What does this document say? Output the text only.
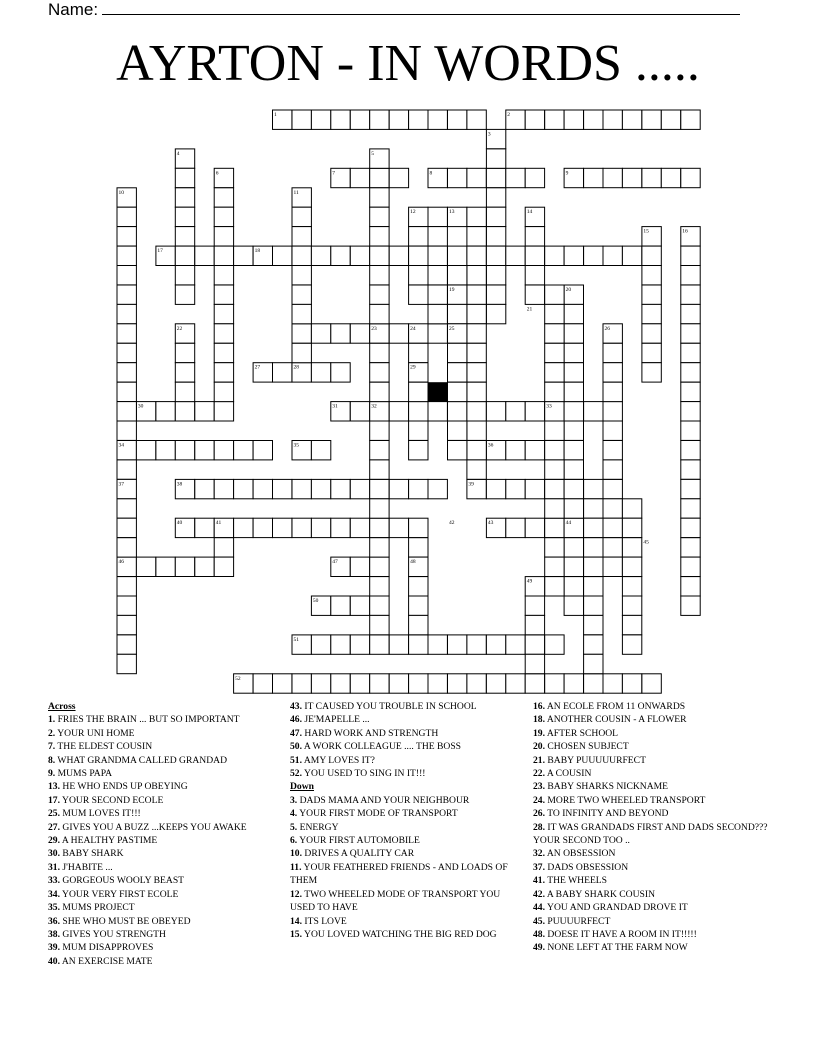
Name:
AYRTON - IN WORDS .....
1	2
3
4	5
6	7	8	9
10	11
12	13	14
15	16
17	18
19	20
21
22	23	24	25	26
27	28	29
30	31	32	33
34	35	36
37	38	39
40	41	42	43	44
45
46	47	48
49
50
51
52

Across

1. FRIES THE BRAIN ... BUT SO IMPORTANT

2. YOUR UNI HOME

7. THE ELDEST COUSIN

8. WHAT GRANDMA CALLED GRANDAD

9. MUMS PAPA

13. HE WHO ENDS UP OBEYING

17. YOUR SECOND ECOLE

25. MUM LOVES IT!!!

27. GIVES YOU A BUZZ ...KEEPS YOU AWAKE

29. A HEALTHY PASTIME

30. BABY SHARK

31. J'HABITE ...

33. GORGEOUS WOOLY BEAST

34. YOUR VERY FIRST ECOLE

35. MUMS PROJECT

36. SHE WHO MUST BE OBEYED

38. GIVES YOU STRENGTH

39. MUM DISAPPROVES

40. AN EXERCISE MATE

43. IT CAUSED YOU TROUBLE IN SCHOOL

46. JE'MAPELLE ...

47. HARD WORK AND STRENGTH

50. A WORK COLLEAGUE .... THE BOSS

51. AMY LOVES IT?

52. YOU USED TO SING IN IT!!!

Down

3. DADS MAMA AND YOUR NEIGHBOUR

4. YOUR FIRST MODE OF TRANSPORT

5. ENERGY

6. YOUR FIRST AUTOMOBILE

10. DRIVES A QUALITY CAR

11. YOUR FEATHERED FRIENDS - AND LOADS OF THEM

12. TWO WHEELED MODE OF TRANSPORT YOU USED TO HAVE

14. ITS LOVE

15. YOU LOVED WATCHING THE BIG RED DOG

16. AN ECOLE FROM 11 ONWARDS

18. ANOTHER COUSIN - A FLOWER

19. AFTER SCHOOL

20. CHOSEN SUBJECT

21. BABY PUUUUURFECT

22. A COUSIN

23. BABY SHARKS NICKNAME

24. MORE TWO WHEELED TRANSPORT

26. TO INFINITY AND BEYOND

28. IT WAS GRANDADS FIRST AND DADS SECOND??? YOUR SECOND TOO ..

32. AN OBSESSION

37. DADS OBSESSION

41. THE WHEELS

42. A BABY SHARK COUSIN

44. YOU AND GRANDAD DROVE IT

45. PUUUURFECT

48. DOESE IT HAVE A ROOM IN IT!!!!!

49. NONE LEFT AT THE FARM NOW
